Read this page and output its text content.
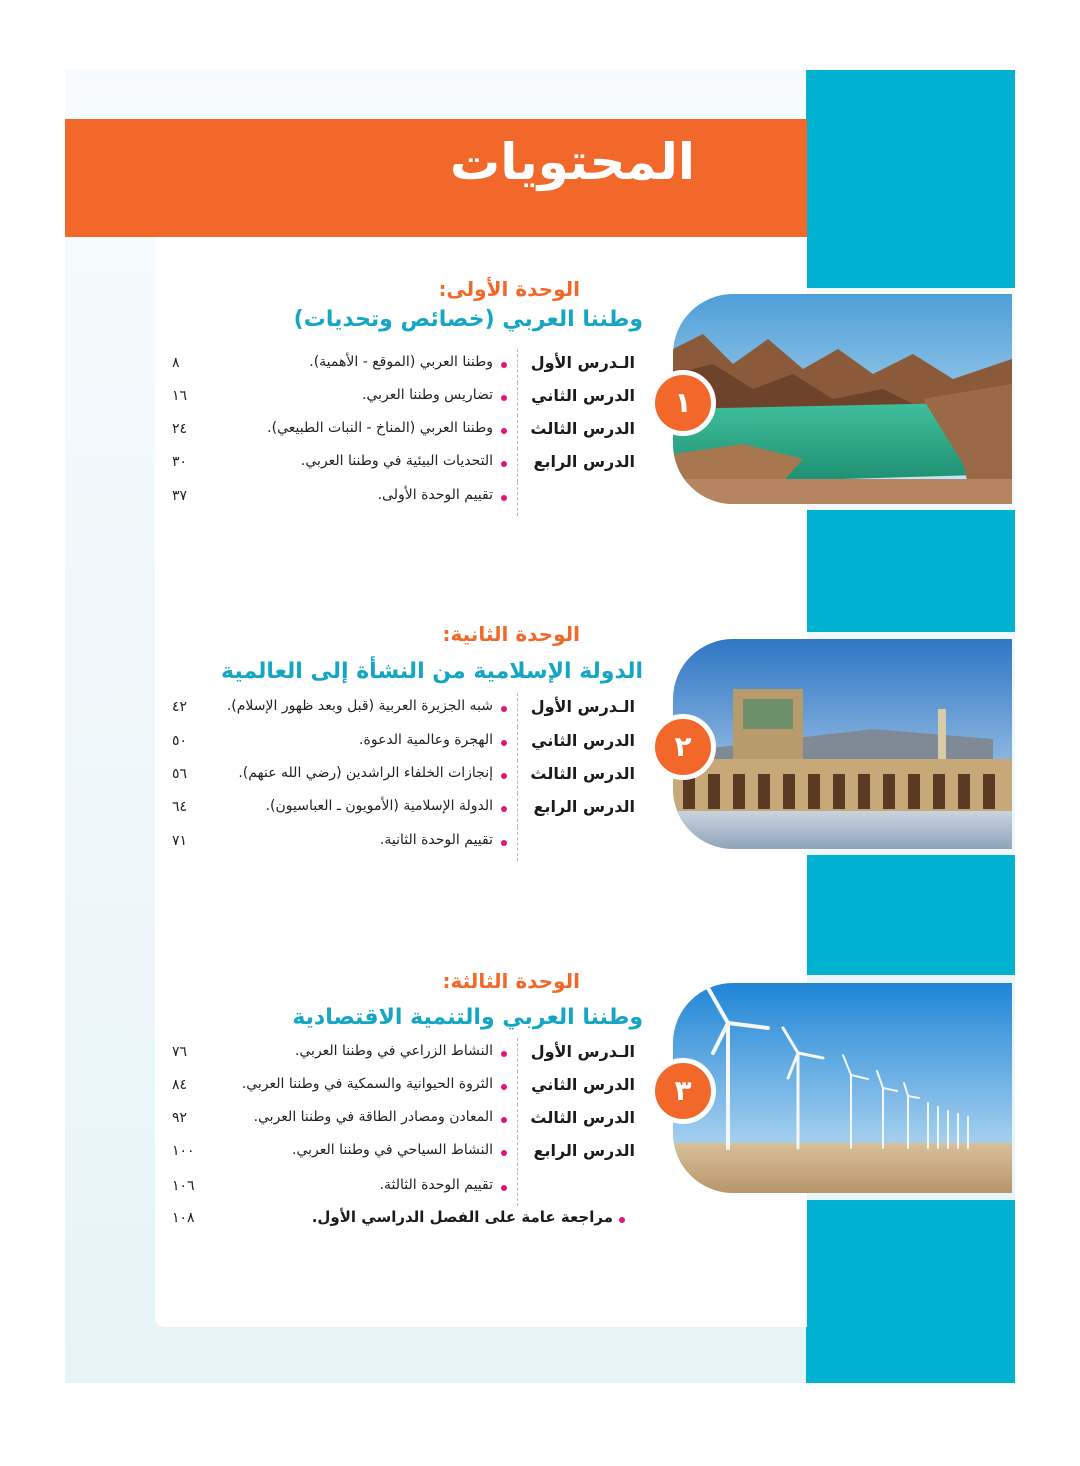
المحتويات
الوحدة الأولى:
وطننا العربي (خصائص وتحديات)
١
الـدرس الأول
وطننا العربي (الموقع - الأهمية).
٨
الدرس الثاني
تضاريس وطننا العربي.
١٦
الدرس الثالث
وطننا العربي (المناخ - النبات الطبيعي).
٢٤
الدرس الرابع
التحديات البيئية في وطننا العربي.
٣٠
تقييم الوحدة الأولى.
٣٧
الوحدة الثانية:
الدولة الإسلامية من النشأة إلى العالمية
٢
الـدرس الأول
شبه الجزيرة العربية (قبل وبعد ظهور الإسلام).
٤٢
الدرس الثاني
الهجرة وعالمية الدعوة.
٥٠
الدرس الثالث
إنجازات الخلفاء الراشدين (رضي الله عنهم).
٥٦
الدرس الرابع
الدولة الإسلامية (الأمويون ـ العباسيون).
٦٤
تقييم الوحدة الثانية.
٧١
الوحدة الثالثة:
وطننا العربي والتنمية الاقتصادية
٣
الـدرس الأول
النشاط الزراعي في وطننا العربي.
٧٦
الدرس الثاني
الثروة الحيوانية والسمكية في وطننا العربي.
٨٤
الدرس الثالث
المعادن ومصادر الطاقة في وطننا العربي.
٩٢
الدرس الرابع
النشاط السياحي في وطننا العربي.
١٠٠
تقييم الوحدة الثالثة.
١٠٦
مراجعة عامة على الفصل الدراسي الأول.
١٠٨
